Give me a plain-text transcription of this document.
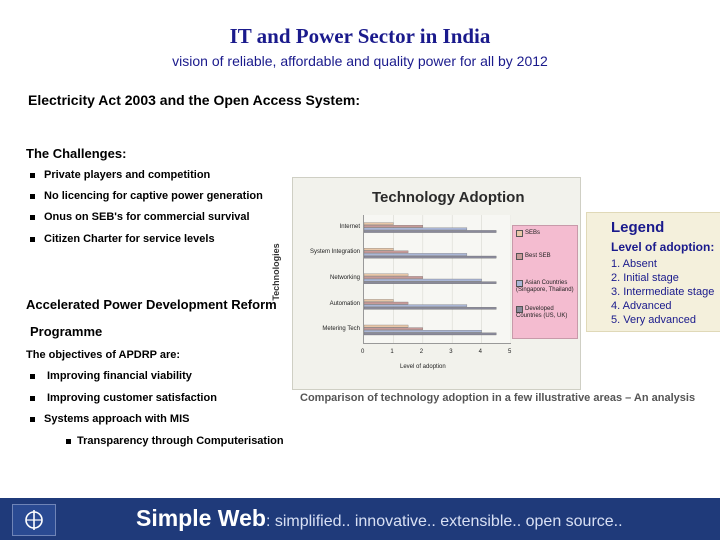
IT and Power Sector in India
vision of reliable, affordable and quality power for all by 2012
Electricity Act 2003 and the Open Access System:
The Challenges:
Private players and competition
No licencing for captive power generation
Onus on SEB's for commercial survival
Citizen Charter for service levels
Accelerated Power Development Reform
Programme
The objectives of APDRP are:
Improving financial viability
Improving customer satisfaction
Systems approach with MIS
Transparency through Computerisation
Technology Adoption
Technologies
Internet
System Integration
Networking
Automation
Metering Tech
0	1	2	3	4	5
Level of adoption
SEBs
Best SEB
Asian Countries (Singapore, Thailand)
Developed Countries (US, UK)
Comparison of technology adoption in a few illustrative areas – An analysis
Legend
Level of adoption:
1. Absent
2. Initial stage
3. Intermediate stage
4. Advanced
5. Very advanced
Simple Web: simplified.. innovative.. extensible.. open source..
